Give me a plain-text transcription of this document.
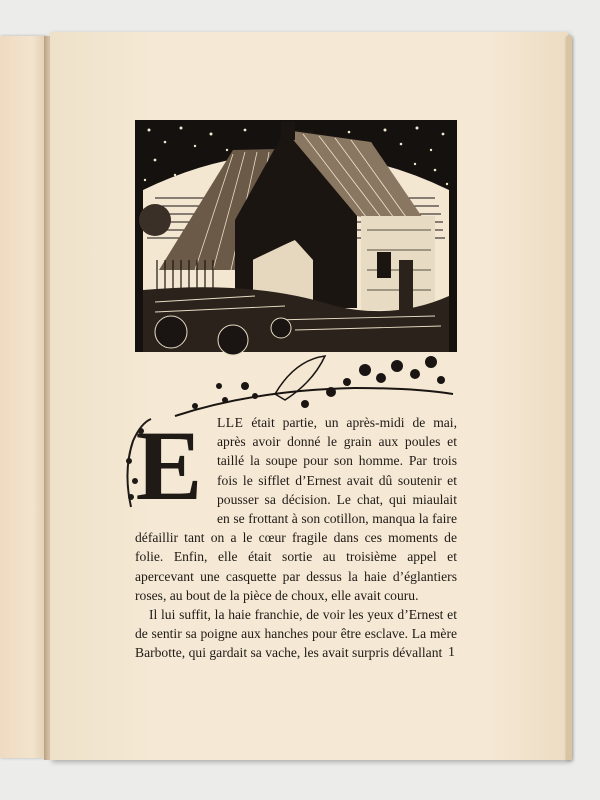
E	LLE était partie, un après-midi de mai, après avoir donné le grain aux poules et taillé la soupe pour son homme. Par trois fois le sifflet d’Ernest avait dû soutenir et pousser sa décision. Le chat, qui miaulait en se frottant à son cotillon, manqua la faire défaillir tant on a le cœur fragile dans ces moments de folie. Enfin, elle était sortie au troisième appel et apercevant une casquette par dessus la haie d’églantiers roses, au bout de la pièce de choux, elle avait couru.

Il lui suffit, la haie franchie, de voir les yeux d’Ernest et de sentir sa poigne aux hanches pour être esclave. La mère Barbotte, qui gardait sa vache, les avait surpris dévallant 1
